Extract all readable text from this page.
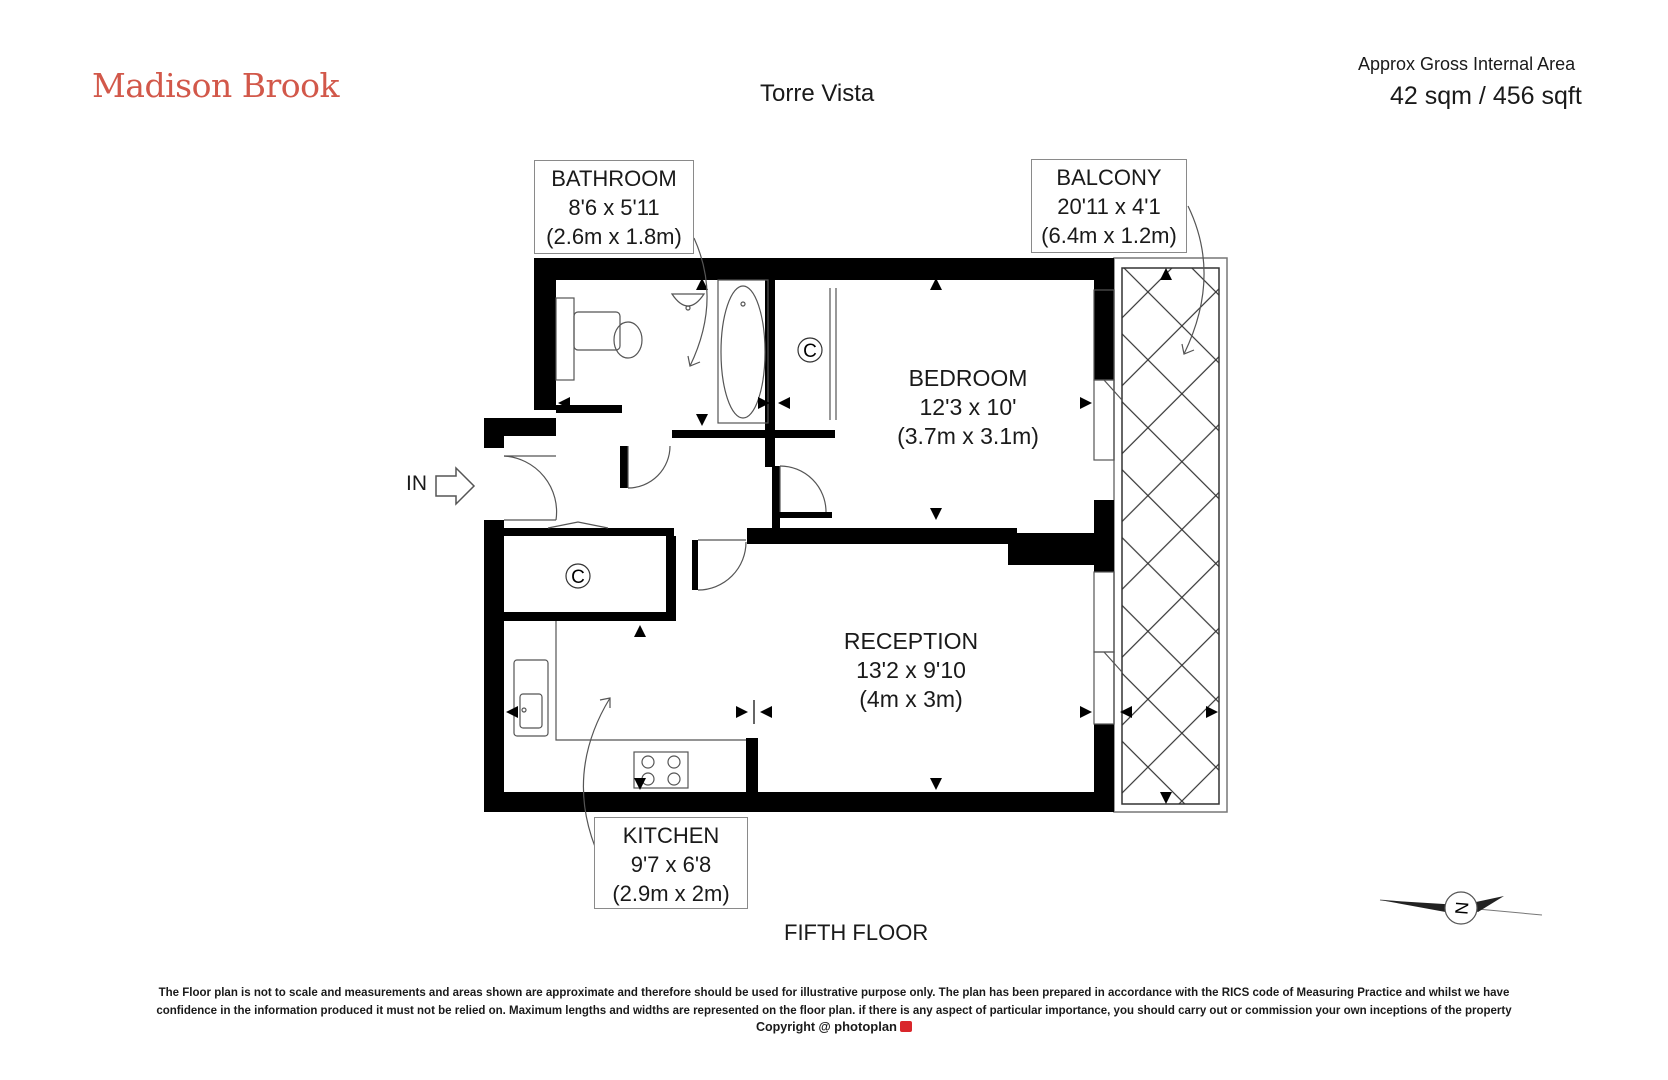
Madison Brook	Torre Vista
Approx Gross Internal Area
42 sqm / 456 sqft
C
C
N
BATHROOM
8'6 x 5'11
(2.6m x 1.8m)
BALCONY
20'11 x 4'1
(6.4m x 1.2m)
BEDROOM
12'3 x 10'
(3.7m x 3.1m)
RECEPTION
13'2 x 9'10
(4m x 3m)
KITCHEN
9'7 x 6'8
(2.9m x 2m)
IN
FIFTH FLOOR
The Floor plan is not to scale and measurements and areas shown are approximate and therefore should be used for illustrative purpose only. The plan has been prepared in accordance with the RICS code of Measuring Practice and whilst we have
confidence in the information produced it must not be relied on. Maximum lengths and widths are represented on the floor plan. if there is any aspect of particular importance, you should carry out or commission your own inceptions of the property
Copyright @ photoplan
